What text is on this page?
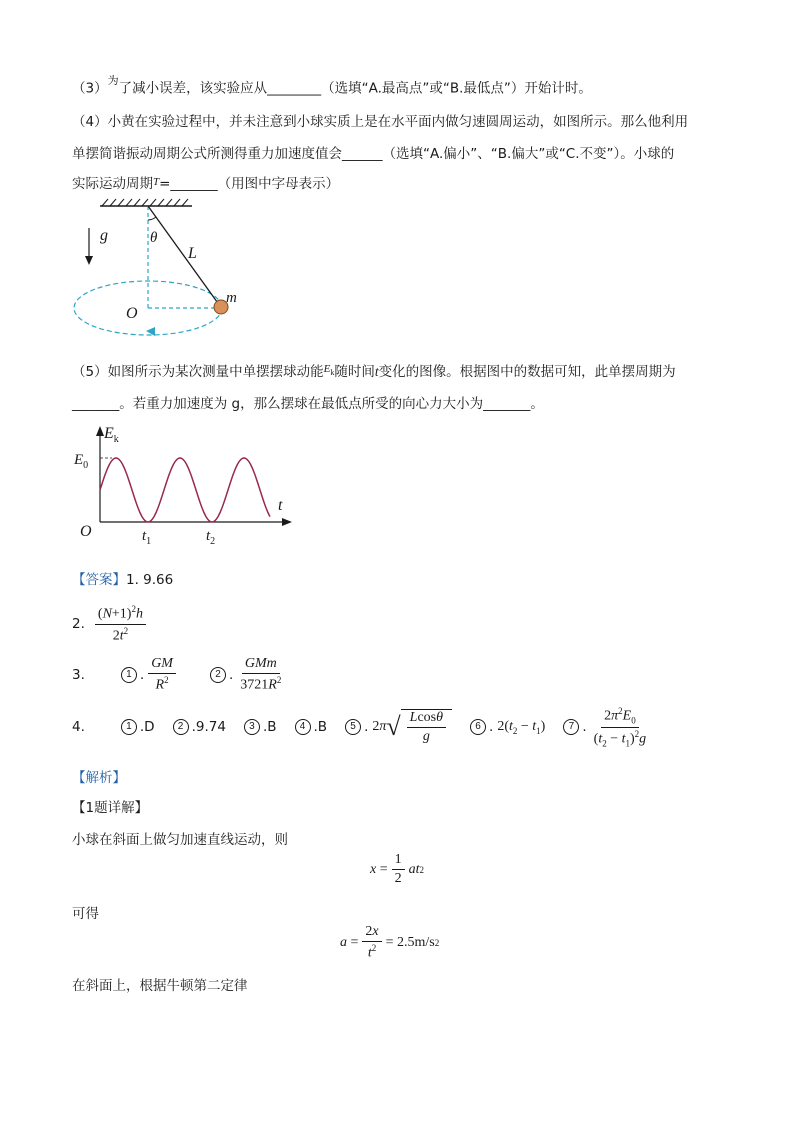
$(3)^为$了减小误差，该实验应从________（选填“A.最高点”或“B.最低点”）开始计时。
（4）小黄在实验过程中，并未注意到小球实质上是在水平面内做匀速圆周运动，如图所示。那么他利用
单摆简谐振动周期公式所测得重力加速度值会______（选填“A.偏小”、“B.偏大”或“C.不变”）。小球的
实际运动周期$^T$=_______（用图中字母表示）
g	θ
L
m
O
（5）如图所示为某次测量中单摆摆球动能$^{E_k}$随时间t变化的图像。根据图中的数据可知，此单摆周期为
_______。若重力加速度为 g，那么摆球在最低点所受的向心力大小为_______。
$E_k$
$E_0$
t
O	$t_1$	$t_2$
【答案】1. 9.66
2. $\frac{(N+1)^2h}{2t^2}$
3.	1 . $\frac{GM}{R^2}$	2 . $\frac{\text{GMm}}{3721R^2}$
4.	1 .D	2 .9.74	3 .B	4 .B	5 . 2π √ $\frac{Lcos\theta}{g}$	6 . $2(t_2 - t_1)$	7 . $\frac{2\pi^2E_0}{(t_2 - t_1)^2g}$
【解析】
【1题详解】
小球在斜面上做匀加速直线运动，则
$x = \frac{1}{2}$ at 2
可得
$a = \frac{2x}{t^2} = 2.5m/s$ 2
在斜面上，根据牛顿第二定律
